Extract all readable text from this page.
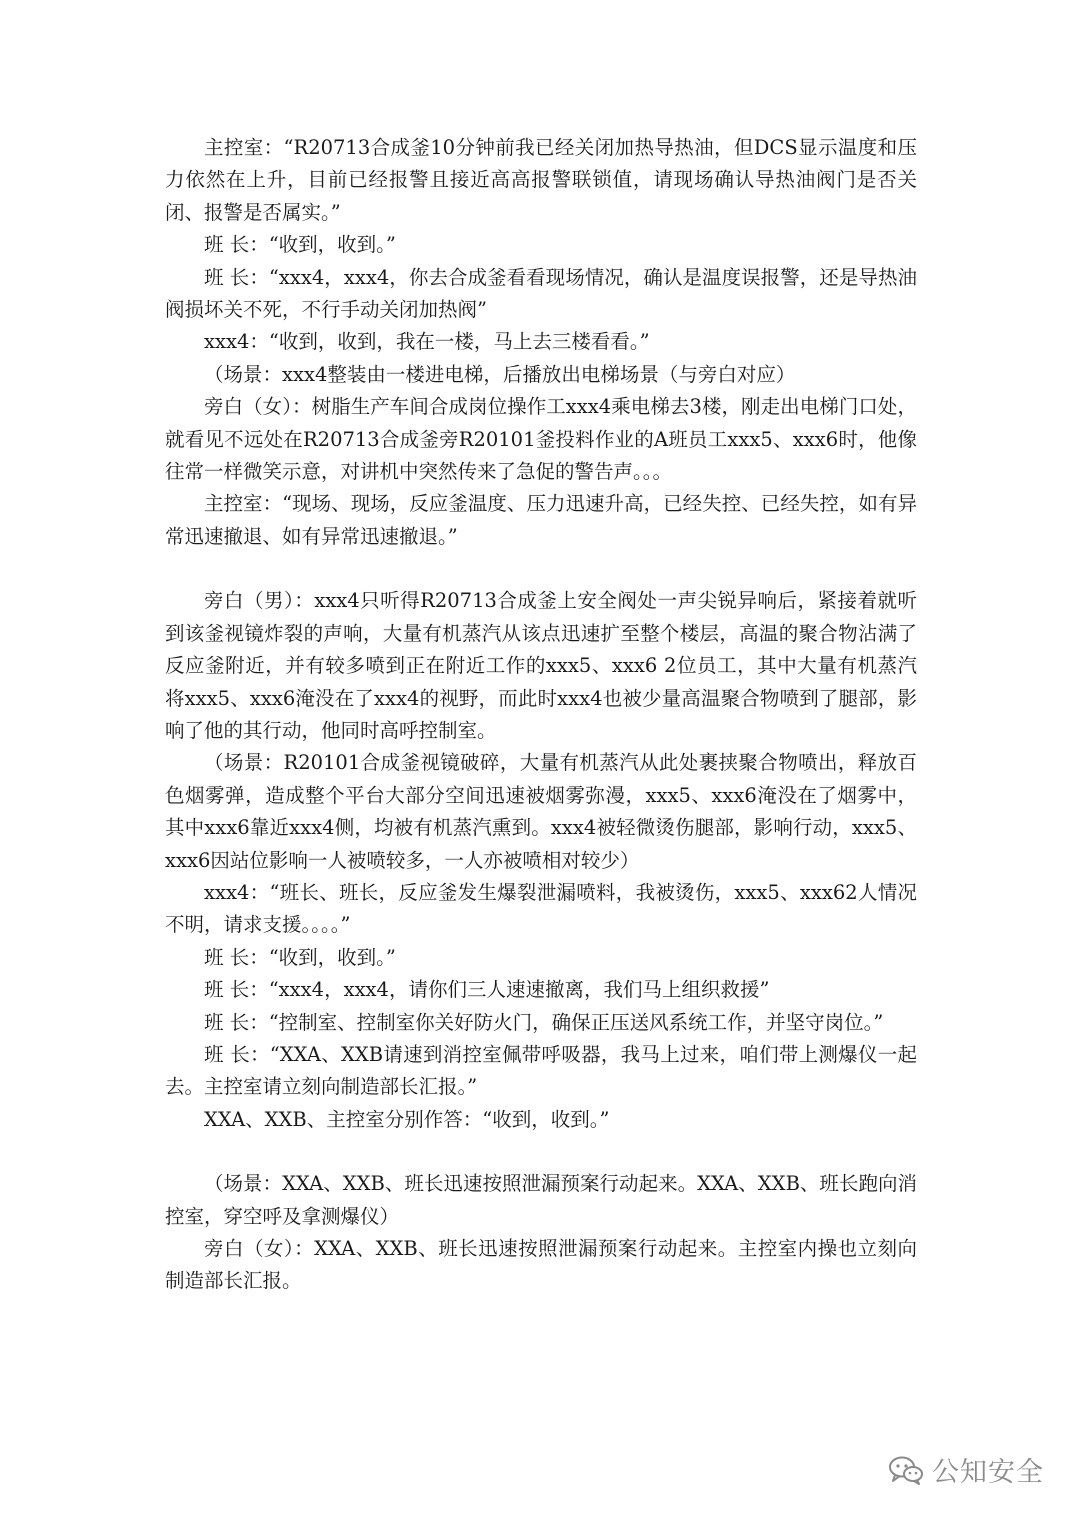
主控室：“R20713合成釜10分钟前我已经关闭加热导热油，但DCS显示温度和压力依然在上升，目前已经报警且接近高高报警联锁值，请现场确认导热油阀门是否关闭、报警是否属实。”

班 长：“收到，收到。”

班 长：“xxx4，xxx4，你去合成釜看看现场情况，确认是温度误报警，还是导热油阀损坏关不死，不行手动关闭加热阀”

xxx4：“收到，收到，我在一楼，马上去三楼看看。”

（场景：xxx4整装由一楼进电梯，后播放出电梯场景（与旁白对应）

旁白（女）：树脂生产车间合成岗位操作工xxx4乘电梯去3楼，刚走出电梯门口处，就看见不远处在R20713合成釜旁R20101釜投料作业的A班员工xxx5、xxx6时，他像往常一样微笑示意，对讲机中突然传来了急促的警告声。。。

主控室：“现场、现场，反应釜温度、压力迅速升高，已经失控、已经失控，如有异常迅速撤退、如有异常迅速撤退。”

旁白（男）：xxx4只听得R20713合成釜上安全阀处一声尖锐异响后，紧接着就听到该釜视镜炸裂的声响，大量有机蒸汽从该点迅速扩至整个楼层，高温的聚合物沾满了反应釜附近，并有较多喷到正在附近工作的xxx5、xxx6 2位员工，其中大量有机蒸汽将xxx5、xxx6淹没在了xxx4的视野，而此时xxx4也被少量高温聚合物喷到了腿部，影响了他的其行动，他同时高呼控制室。

（场景：R20101合成釜视镜破碎，大量有机蒸汽从此处裹挟聚合物喷出，释放百色烟雾弹，造成整个平台大部分空间迅速被烟雾弥漫，xxx5、xxx6淹没在了烟雾中，其中xxx6靠近xxx4侧，均被有机蒸汽熏到。xxx4被轻微烫伤腿部，影响行动，xxx5、xxx6因站位影响一人被喷较多，一人亦被喷相对较少）

xxx4：“班长、班长，反应釜发生爆裂泄漏喷料，我被烫伤，xxx5、xxx62人情况不明，请求支援。。。。”

班 长：“收到，收到。”

班 长：“xxx4，xxx4，请你们三人速速撤离，我们马上组织救援”

班 长：“控制室、控制室你关好防火门，确保正压送风系统工作，并坚守岗位。”

班 长：“XXA、XXB请速到消控室佩带呼吸器，我马上过来，咱们带上测爆仪一起去。主控室请立刻向制造部长汇报。”

XXA、XXB、主控室分别作答：“收到，收到。”

（场景：XXA、XXB、班长迅速按照泄漏预案行动起来。XXA、XXB、班长跑向消控室，穿空呼及拿测爆仪）

旁白（女）：XXA、XXB、班长迅速按照泄漏预案行动起来。主控室内操也立刻向制造部长汇报。

公知安全
